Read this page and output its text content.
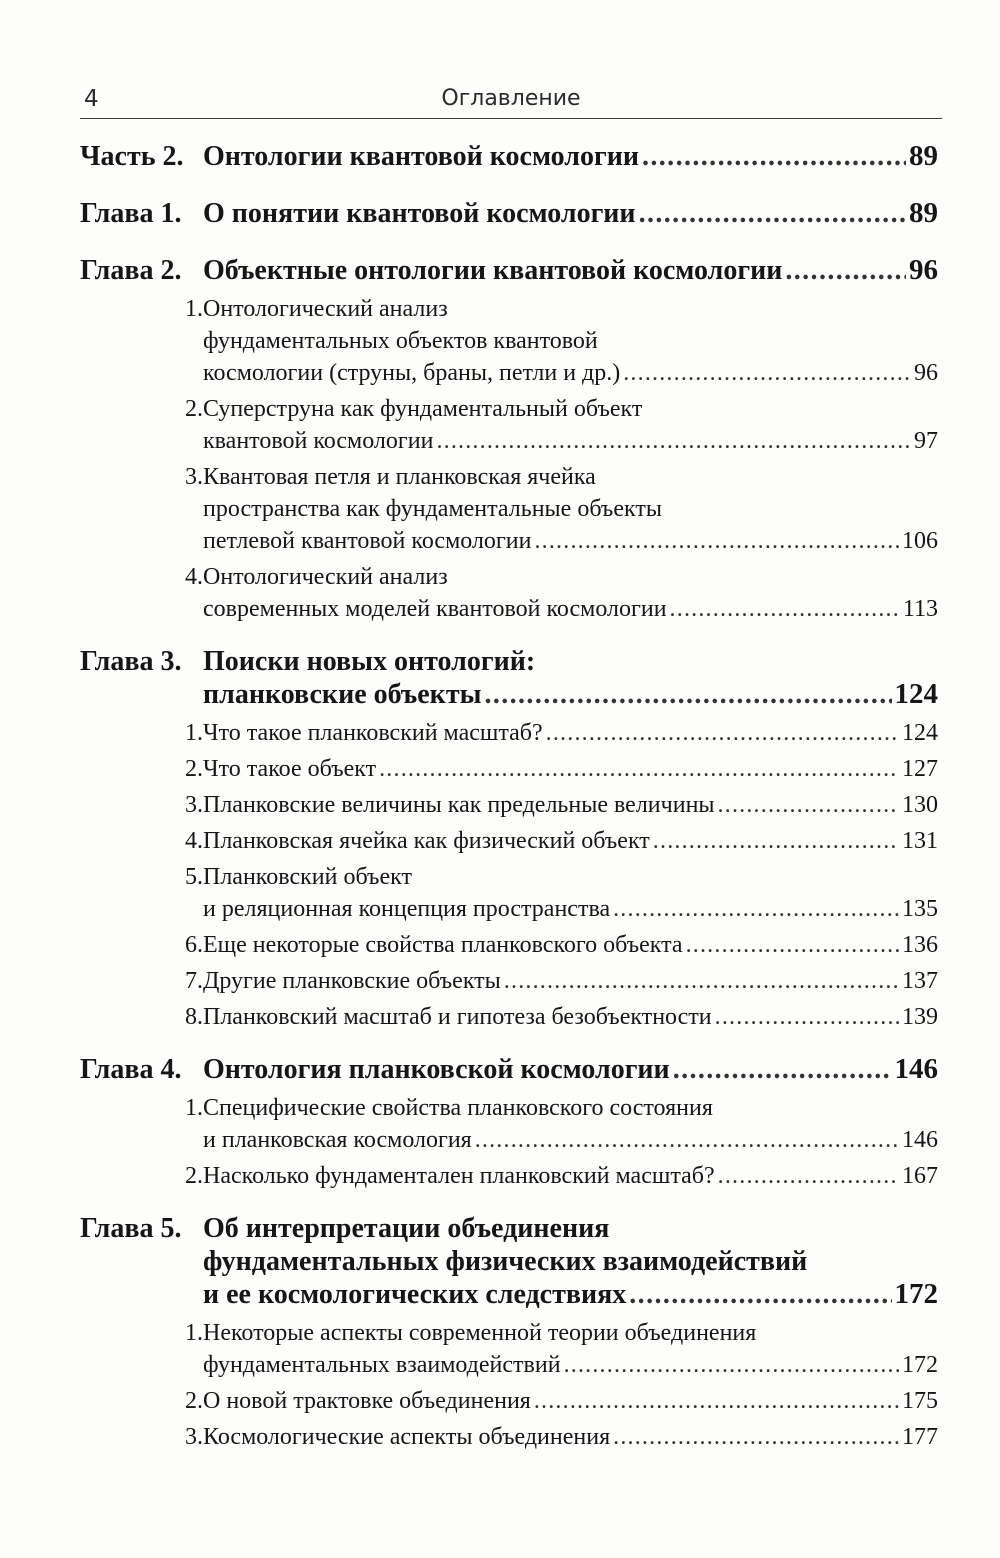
4	Оглавление
Часть 2. Онтологии квантовой космологии .....	89
Глава 1. О понятии квантовой космологии .....	89
Глава 2. Объектные онтологии квантовой космологии .....	96
1. Онтологический анализ
фундаментальных объектов квантовой
космологии (струны, браны, петли и др.) .....	96
2. Суперструна как фундаментальный объект
квантовой космологии .....	97
3. Квантовая петля и планковская ячейка
пространства как фундаментальные объекты
петлевой квантовой космологии .....	106
4. Онтологический анализ
современных моделей квантовой космологии .....	113
Глава 3. Поиски новых онтологий:
планковские объекты .....	124
1. Что такое планковский масштаб? .....	124
2. Что такое объект .....	127
3. Планковские величины как предельные величины .....	130
4. Планковская ячейка как физический объект .....	131
5. Планковский объект
и реляционная концепция пространства .....	135
6. Еще некоторые свойства планковского объекта .....	136
7. Другие планковские объекты .....	137
8. Планковский масштаб и гипотеза безобъектности .....	139
Глава 4. Онтология планковской космологии .....	146
1. Специфические свойства планковского состояния
и планковская космология .....	146
2. Насколько фундаментален планковский масштаб? .....	167
Глава 5. Об интерпретации объединения
фундаментальных физических взаимодействий
и ее космологических следствиях .....	172
1. Некоторые аспекты современной теории объединения
фундаментальных взаимодействий .....	172
2. О новой трактовке объединения .....	175
3. Космологические аспекты объединения .....	177
